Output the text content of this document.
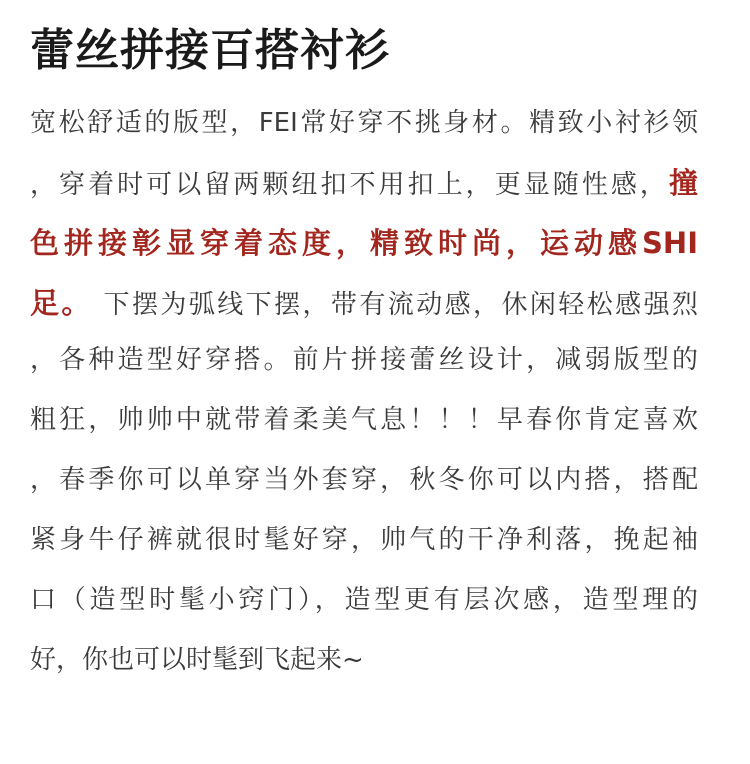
蕾丝拼接百搭衬衫

宽松舒适的版型，FEI常好穿不挑身材。精致小衬衫领

，穿着时可以留两颗纽扣不用扣上，更显随性感，撞

色拼接彰显穿着态度，精致时尚，运动感SHI

足。 下摆为弧线下摆，带有流动感，休闲轻松感强烈

，各种造型好穿搭。前片拼接蕾丝设计，减弱版型的

粗狂，帅帅中就带着柔美气息！！！早春你肯定喜欢

，春季你可以单穿当外套穿，秋冬你可以内搭，搭配

紧身牛仔裤就很时髦好穿，帅气的干净利落，挽起袖

口（造型时髦小窍门），造型更有层次感，造型理的

好，你也可以时髦到飞起来~
